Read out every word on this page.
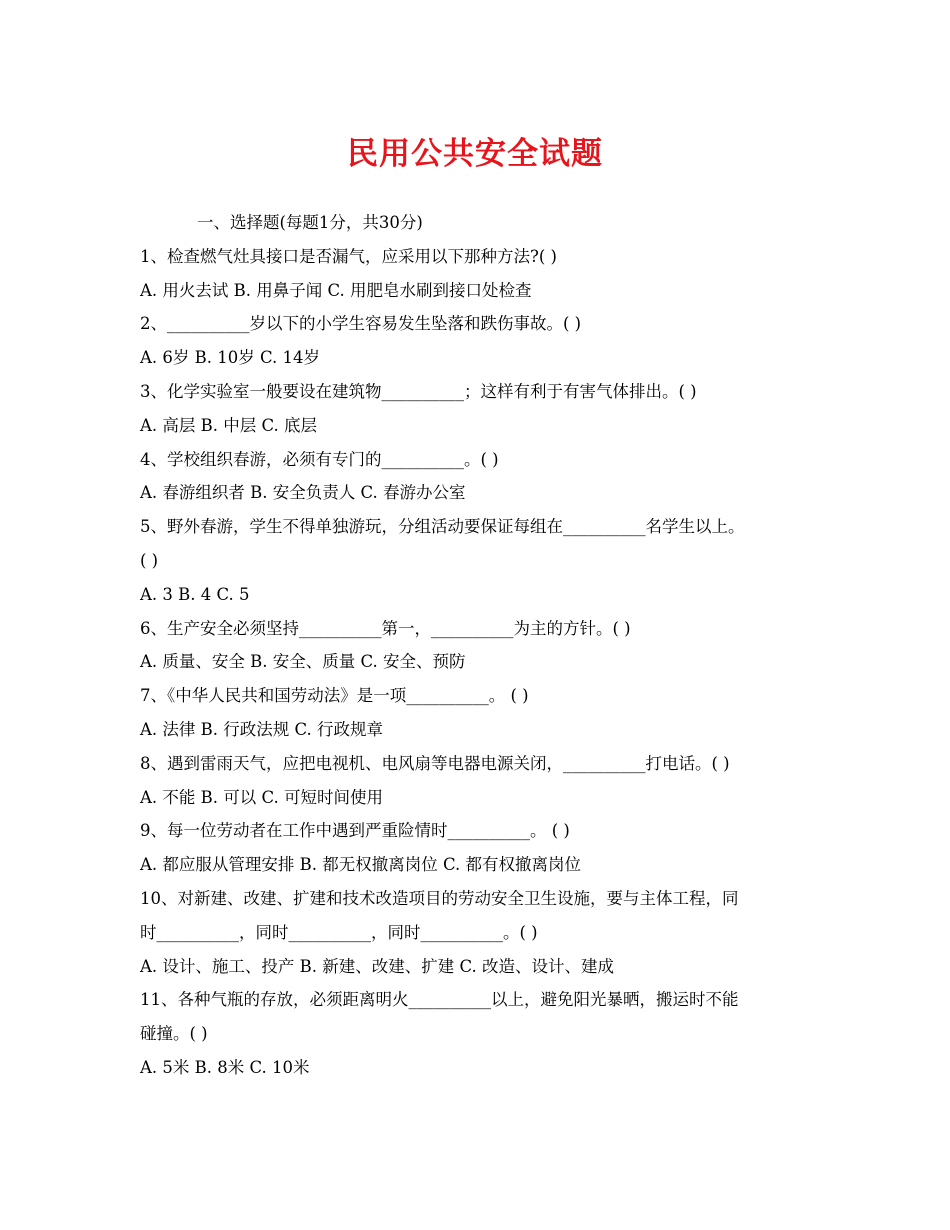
民用公共安全试题
一、选择题(每题1分，共30分)
1、检查燃气灶具接口是否漏气，应采用以下那种方法?( )
A. 用火去试 B. 用鼻子闻 C. 用肥皂水刷到接口处检查
2、__________岁以下的小学生容易发生坠落和跌伤事故。( )
A. 6岁 B. 10岁 C. 14岁
3、化学实验室一般要设在建筑物__________；这样有利于有害气体排出。( )
A. 高层 B. 中层 C. 底层
4、学校组织春游，必须有专门的__________。( )
A. 春游组织者 B. 安全负责人 C. 春游办公室
5、野外春游，学生不得单独游玩，分组活动要保证每组在__________名学生以上。
( )
A. 3 B. 4 C. 5
6、生产安全必须坚持__________第一，__________为主的方针。( )
A. 质量、安全 B. 安全、质量 C. 安全、预防
7、《中华人民共和国劳动法》是一项__________。 ( )
A. 法律 B. 行政法规 C. 行政规章
8、遇到雷雨天气，应把电视机、电风扇等电器电源关闭，__________打电话。( )
A. 不能 B. 可以 C. 可短时间使用
9、每一位劳动者在工作中遇到严重险情时__________。 ( )
A. 都应服从管理安排 B. 都无权撤离岗位 C. 都有权撤离岗位
10、对新建、改建、扩建和技术改造项目的劳动安全卫生设施，要与主体工程，同
时__________，同时__________，同时__________。( )
A. 设计、施工、投产 B. 新建、改建、扩建 C. 改造、设计、建成
11、各种气瓶的存放，必须距离明火__________以上，避免阳光暴晒，搬运时不能
碰撞。( )
A. 5米 B. 8米 C. 10米
